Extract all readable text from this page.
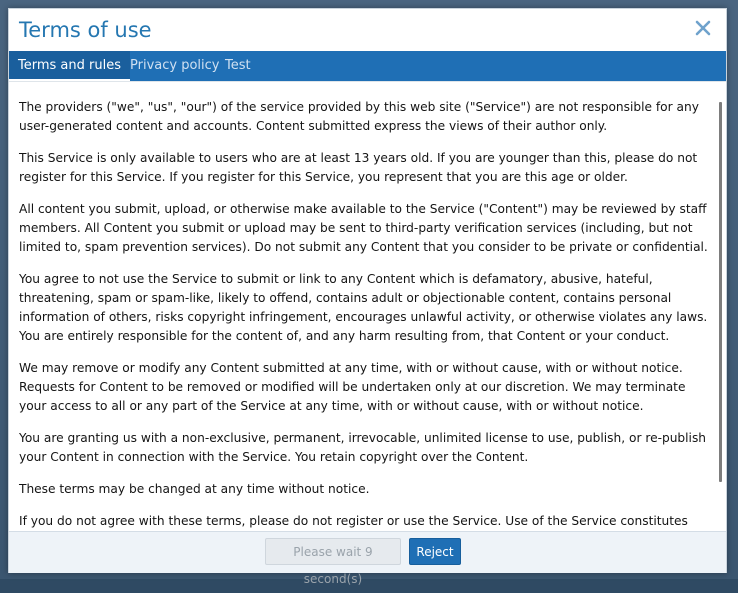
Terms of use
Terms and rules Privacy policy Test

The providers ("we", "us", "our") of the service provided by this web site ("Service") are not responsible for any user-generated content and accounts. Content submitted express the views of their author only.

This Service is only available to users who are at least 13 years old. If you are younger than this, please do not register for this Service. If you register for this Service, you represent that you are this age or older.

All content you submit, upload, or otherwise make available to the Service ("Content") may be reviewed by staff members. All Content you submit or upload may be sent to third-party verification services (including, but not limited to, spam prevention services). Do not submit any Content that you consider to be private or confidential.

You agree to not use the Service to submit or link to any Content which is defamatory, abusive, hateful, threatening, spam or spam-like, likely to offend, contains adult or objectionable content, contains personal information of others, risks copyright infringement, encourages unlawful activity, or otherwise violates any laws. You are entirely responsible for the content of, and any harm resulting from, that Content or your conduct.

We may remove or modify any Content submitted at any time, with or without cause, with or without notice. Requests for Content to be removed or modified will be undertaken only at our discretion. We may terminate your access to all or any part of the Service at any time, with or without cause, with or without notice.

You are granting us with a non-exclusive, permanent, irrevocable, unlimited license to use, publish, or re-publish your Content in connection with the Service. You retain copyright over the Content.

These terms may be changed at any time without notice.

If you do not agree with these terms, please do not register or use the Service. Use of the Service constitutes

Please wait 9 second(s)
Reject
